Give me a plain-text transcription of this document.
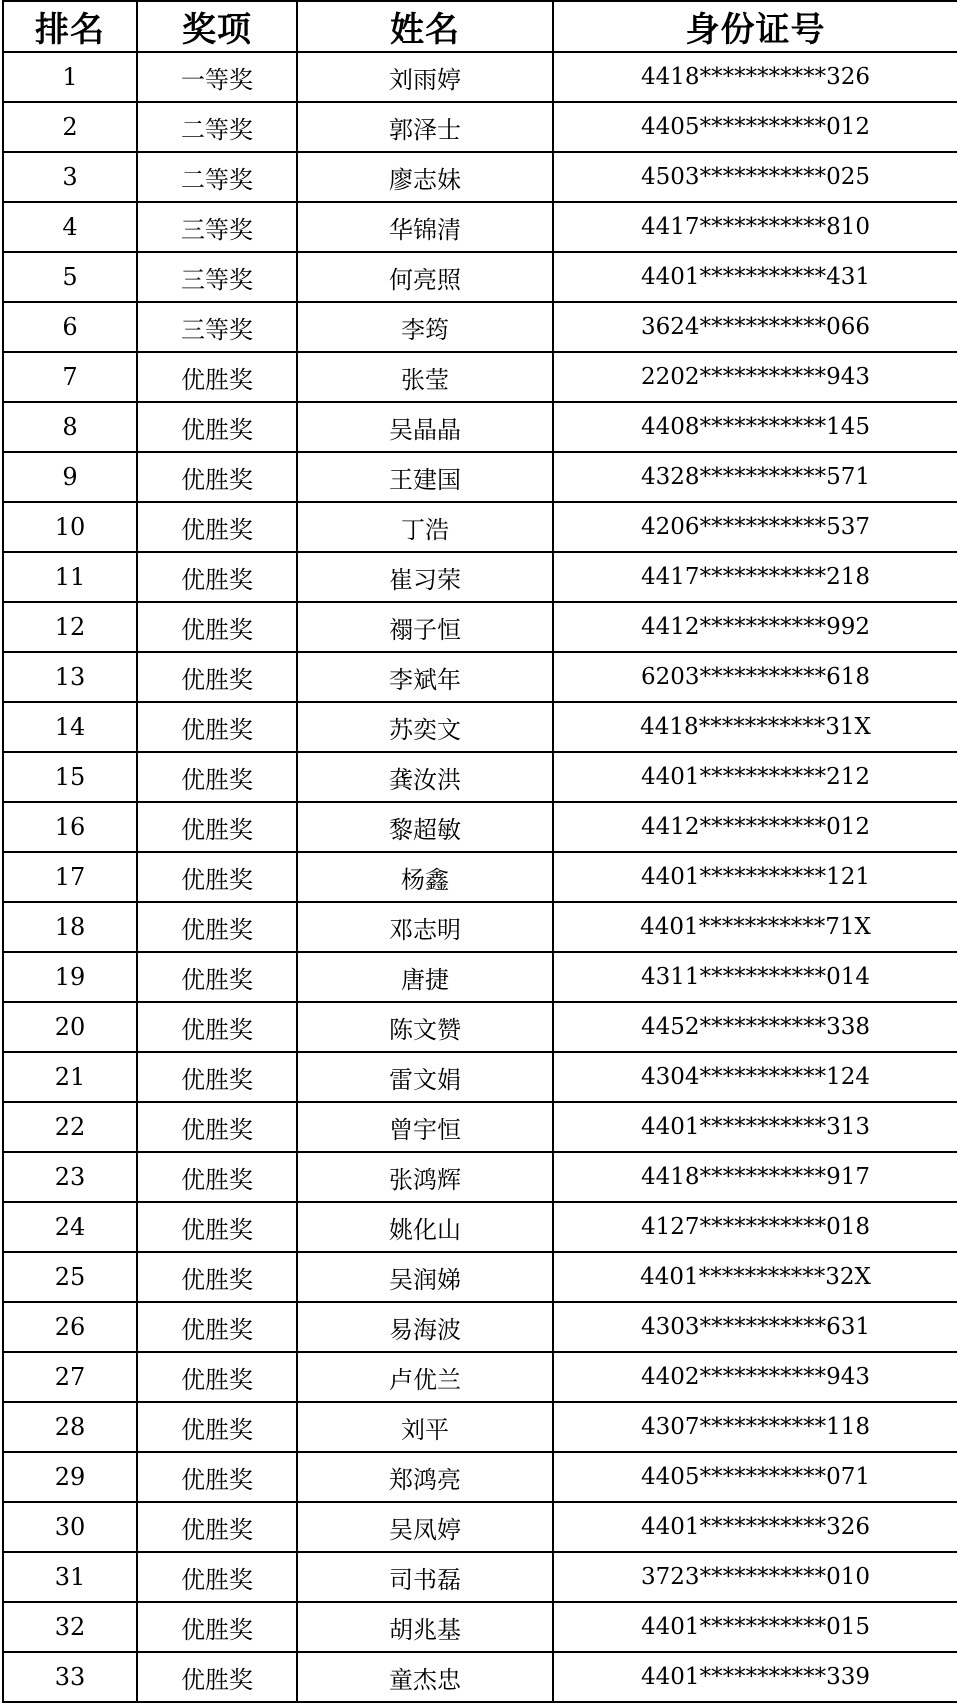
排名	奖项	姓名	身份证号
1	一等奖	刘雨婷	4418***********326
2	二等奖	郭泽士	4405***********012
3	二等奖	廖志妹	4503***********025
4	三等奖	华锦清	4417***********810
5	三等奖	何亮照	4401***********431
6	三等奖	李筠	3624***********066
7	优胜奖	张莹	2202***********943
8	优胜奖	吴晶晶	4408***********145
9	优胜奖	王建国	4328***********571
10	优胜奖	丁浩	4206***********537
11	优胜奖	崔习荣	4417***********218
12	优胜奖	禤子恒	4412***********992
13	优胜奖	李斌年	6203***********618
14	优胜奖	苏奕文	4418***********31X
15	优胜奖	龚汝洪	4401***********212
16	优胜奖	黎超敏	4412***********012
17	优胜奖	杨鑫	4401***********121
18	优胜奖	邓志明	4401***********71X
19	优胜奖	唐捷	4311***********014
20	优胜奖	陈文赞	4452***********338
21	优胜奖	雷文娟	4304***********124
22	优胜奖	曾宇恒	4401***********313
23	优胜奖	张鸿辉	4418***********917
24	优胜奖	姚化山	4127***********018
25	优胜奖	吴润娣	4401***********32X
26	优胜奖	易海波	4303***********631
27	优胜奖	卢优兰	4402***********943
28	优胜奖	刘平	4307***********118
29	优胜奖	郑鸿亮	4405***********071
30	优胜奖	吴凤婷	4401***********326
31	优胜奖	司书磊	3723***********010
32	优胜奖	胡兆基	4401***********015
33	优胜奖	童杰忠	4401***********339
